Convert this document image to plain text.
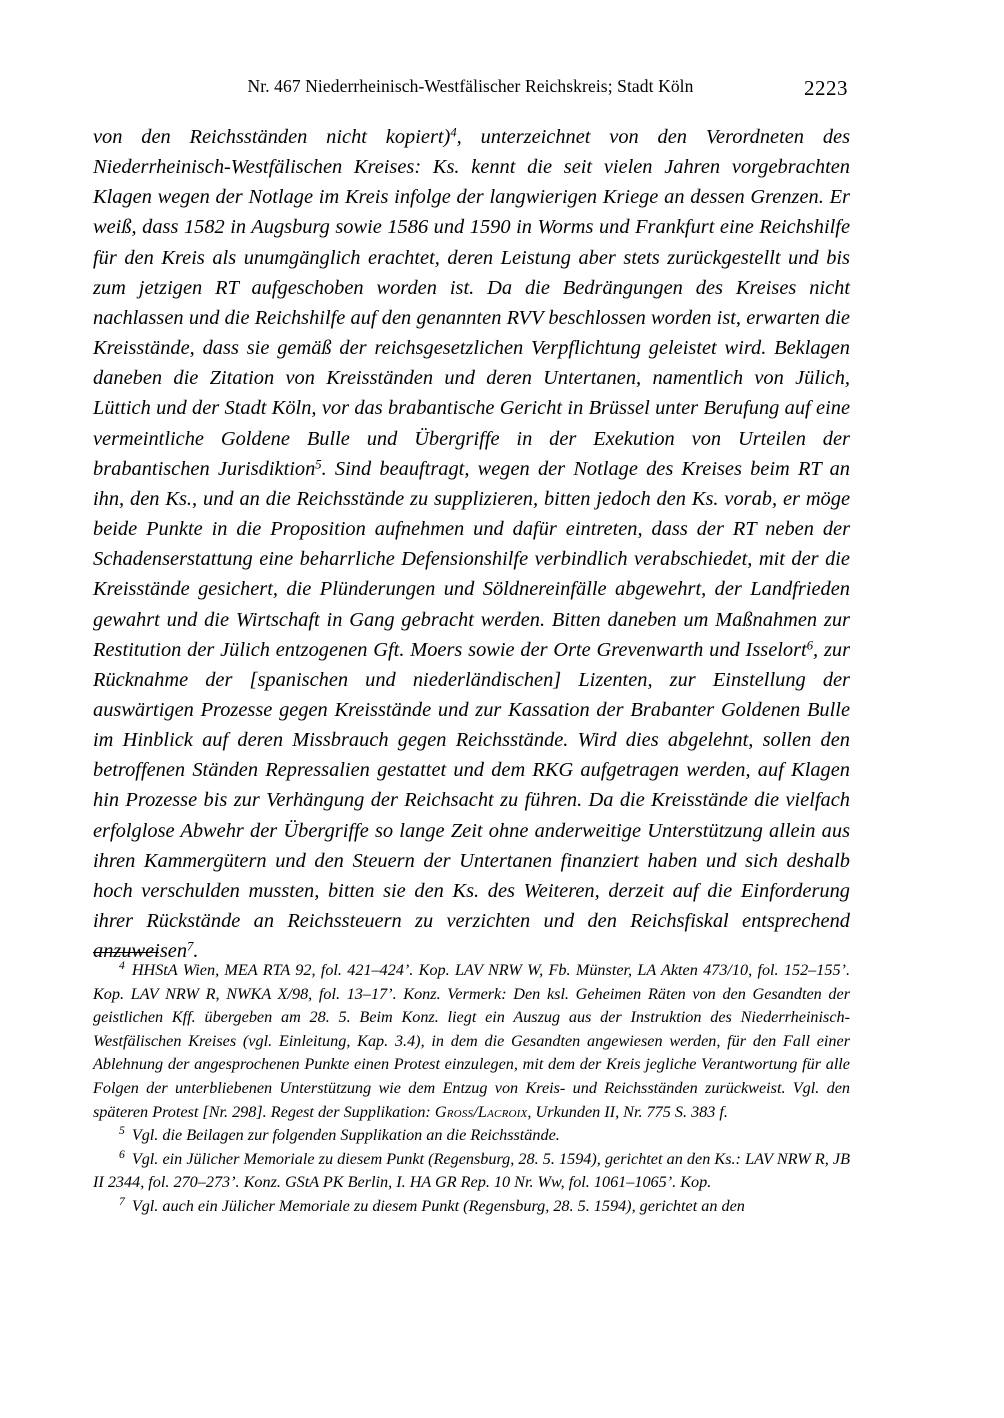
Nr. 467 Niederrheinisch-Westfälischer Reichskreis; Stadt Köln	2223

von den Reichsständen nicht kopiert)$^4$, unterzeichnet von den Verordneten des Niederrheinisch-Westfälischen Kreises: Ks. kennt die seit vielen Jahren vorgebrachten Klagen wegen der Notlage im Kreis infolge der langwierigen Kriege an dessen Grenzen. Er weiß, dass 1582 in Augsburg sowie 1586 und 1590 in Worms und Frankfurt eine Reichshilfe für den Kreis als unumgänglich erachtet, deren Leistung aber stets zurückgestellt und bis zum jetzigen RT aufgeschoben worden ist. Da die Bedrängungen des Kreises nicht nachlassen und die Reichshilfe auf den genannten RVV beschlossen worden ist, erwarten die Kreisstände, dass sie gemäß der reichsgesetzlichen Verpflichtung geleistet wird. Beklagen daneben die Zitation von Kreisständen und deren Untertanen, namentlich von Jülich, Lüttich und der Stadt Köln, vor das brabantische Gericht in Brüssel unter Berufung auf eine vermeintliche Goldene Bulle und Übergriffe in der Exekution von Urteilen der brabantischen Jurisdiktion$^5$. Sind beauftragt, wegen der Notlage des Kreises beim RT an ihn, den Ks., und an die Reichsstände zu supplizieren, bitten jedoch den Ks. vorab, er möge beide Punkte in die Proposition aufnehmen und dafür eintreten, dass der RT neben der Schadenserstattung eine beharrliche Defensionshilfe verbindlich verabschiedet, mit der die Kreisstände gesichert, die Plünderungen und Söldnereinfälle abgewehrt, der Landfrieden gewahrt und die Wirtschaft in Gang gebracht werden. Bitten daneben um Maßnahmen zur Restitution der Jülich entzogenen Gft. Moers sowie der Orte Grevenwarth und Isselort$^6$, zur Rücknahme der [spanischen und niederländischen] Lizenten, zur Einstellung der auswärtigen Prozesse gegen Kreisstände und zur Kassation der Brabanter Goldenen Bulle im Hinblick auf deren Missbrauch gegen Reichsstände. Wird dies abgelehnt, sollen den betroffenen Ständen Repressalien gestattet und dem RKG aufgetragen werden, auf Klagen hin Prozesse bis zur Verhängung der Reichsacht zu führen. Da die Kreisstände die vielfach erfolglose Abwehr der Übergriffe so lange Zeit ohne anderweitige Unterstützung allein aus ihren Kammergütern und den Steuern der Untertanen finanziert haben und sich deshalb hoch verschulden mussten, bitten sie den Ks. des Weiteren, derzeit auf die Einforderung ihrer Rückstände an Reichssteuern zu verzichten und den Reichsfiskal entsprechend anzuweisen$^7$.

$^4$ HHStA Wien, MEA RTA 92, fol. 421–424’. Kop. LAV NRW W, Fb. Münster, LA Akten 473/10, fol. 152–155’. Kop. LAV NRW R, NWKA X/98, fol. 13–17’. Konz. Vermerk: Den ksl. Geheimen Räten von den Gesandten der geistlichen Kff. übergeben am 28. 5. Beim Konz. liegt ein Auszug aus der Instruktion des Niederrheinisch-Westfälischen Kreises (vgl. Einleitung, Kap. 3.4), in dem die Gesandten angewiesen werden, für den Fall einer Ablehnung der angesprochenen Punkte einen Protest einzulegen, mit dem der Kreis jegliche Verantwortung für alle Folgen der unterbliebenen Unterstützung wie dem Entzug von Kreis- und Reichsständen zurückweist. Vgl. den späteren Protest [Nr. 298]. Regest der Supplikation: Gross/Lacroix, Urkunden II, Nr. 775 S. 383 f.

$^5$ Vgl. die Beilagen zur folgenden Supplikation an die Reichsstände.

$^6$ Vgl. ein Jülicher Memoriale zu diesem Punkt (Regensburg, 28. 5. 1594), gerichtet an den Ks.: LAV NRW R, JB II 2344, fol. 270–273’. Konz. GStA PK Berlin, I. HA GR Rep. 10 Nr. Ww, fol. 1061–1065’. Kop.

$^7$ Vgl. auch ein Jülicher Memoriale zu diesem Punkt (Regensburg, 28. 5. 1594), gerichtet an den
